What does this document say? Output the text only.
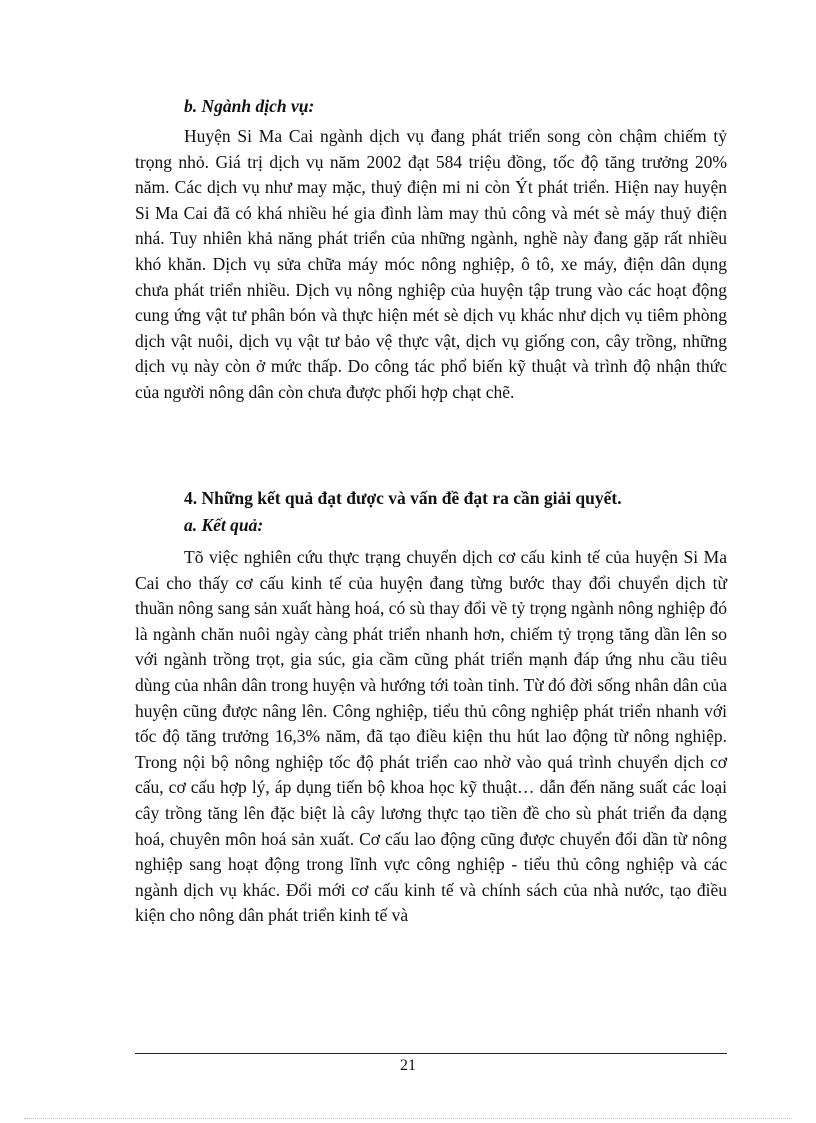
b. Ngành dịch vụ:

Huyện Si Ma Cai ngành dịch vụ đang phát triển song còn chậm chiếm tỷ trọng nhỏ. Giá trị dịch vụ năm 2002 đạt 584 triệu đồng, tốc độ tăng trưởng 20% năm. Các dịch vụ như may mặc, thuỷ điện mi ni còn Ýt phát triển. Hiện nay huyện Si Ma Cai đã có khá nhiều hé gia đình làm may thủ công và mét sè máy thuỷ điện nhá. Tuy nhiên khả năng phát triển của những ngành, nghề này đang gặp rất nhiều khó khăn. Dịch vụ sửa chữa máy móc nông nghiệp, ô tô, xe máy, điện dân dụng chưa phát triển nhiều. Dịch vụ nông nghiệp của huyện tập trung vào các hoạt động cung ứng vật tư phân bón và thực hiện mét sè dịch vụ khác như dịch vụ tiêm phòng dịch vật nuôi, dịch vụ vật tư bảo vệ thực vật, dịch vụ giống con, cây trồng, những dịch vụ này còn ở mức thấp. Do công tác phổ biến kỹ thuật và trình độ nhận thức của người nông dân còn chưa được phối hợp chạt chẽ.

4. Những kết quả đạt được và vấn đề đạt ra cần giải quyết.
a. Kết quả:

Tõ việc nghiên cứu thực trạng chuyển dịch cơ cấu kinh tế của huyện Si Ma Cai cho thấy cơ cấu kinh tế của huyện đang từng bước thay đổi chuyển dịch từ thuần nông sang sản xuất hàng hoá, có sù thay đổi về tỷ trọng ngành nông nghiệp đó là ngành chăn nuôi ngày càng phát triển nhanh hơn, chiếm tỷ trọng tăng dần lên so với ngành trồng trọt, gia súc, gia cầm cũng phát triển mạnh đáp ứng nhu cầu tiêu dùng của nhân dân trong huyện và hướng tới toàn tỉnh. Từ đó đời sống nhân dân của huyện cũng được nâng lên. Công nghiệp, tiểu thủ công nghiệp phát triển nhanh với tốc độ tăng trưởng 16,3% năm, đã tạo điều kiện thu hút lao động từ nông nghiệp. Trong nội bộ nông nghiệp tốc độ phát triển cao nhờ vào quá trình chuyển dịch cơ cấu, cơ cấu hợp lý, áp dụng tiến bộ khoa học kỹ thuật… dẫn đến năng suất các loại cây trồng tăng lên đặc biệt là cây lương thực tạo tiền đề cho sù phát triển đa dạng hoá, chuyên môn hoá sản xuất. Cơ cấu lao động cũng được chuyển đổi dần từ nông nghiệp sang hoạt động trong lĩnh vực công nghiệp - tiểu thủ công nghiệp và các ngành dịch vụ khác. Đổi mới cơ cấu kinh tế và chính sách của nhà nước, tạo điều kiện cho nông dân phát triển kinh tế và

21
